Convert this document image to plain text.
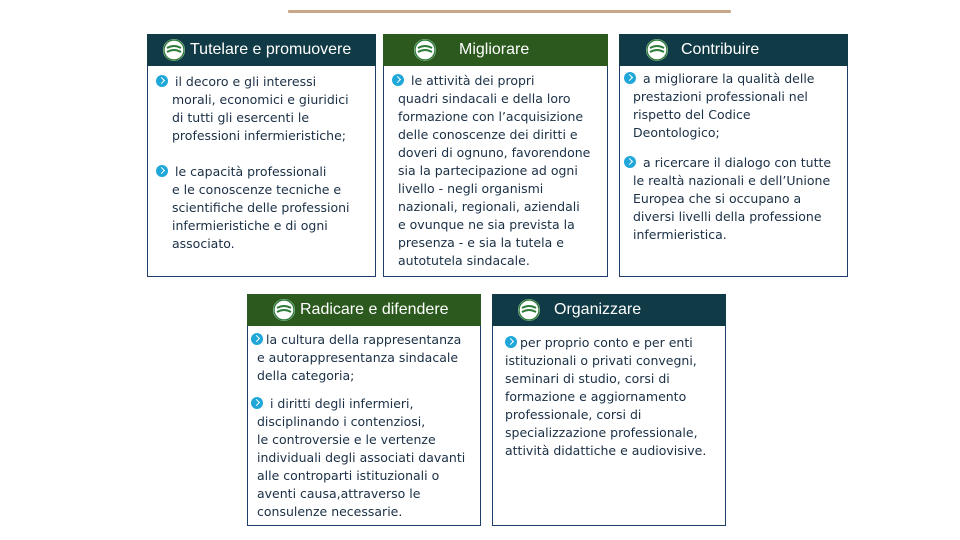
Tutelare e promuovere
il decoro e gli interessi
morali, economici e giuridici
di tutti gli esercenti le
professioni infermieristiche;
le capacità professionali
e le conoscenze tecniche e
scientifiche delle professioni
infermieristiche e di ogni
associato.
Migliorare
le attività dei propri
quadri sindacali e della loro
formazione con l’acquisizione
delle conoscenze dei diritti e
doveri di ognuno, favorendone
sia la partecipazione ad ogni
livello - negli organismi
nazionali, regionali, aziendali
e ovunque ne sia prevista la
presenza - e sia la tutela e
autotutela sindacale.
Contribuire
a migliorare la qualità delle
prestazioni professionali nel
rispetto del Codice
Deontologico;
a ricercare il dialogo con tutte
le realtà nazionali e dell’Unione
Europea che si occupano a
diversi livelli della professione
infermieristica.
Radicare e difendere
la cultura della rappresentanza
e autorappresentanza sindacale
della categoria;
i diritti degli infermieri,
disciplinando i contenziosi,
le controversie e le vertenze
individuali degli associati davanti
alle controparti istituzionali o
aventi causa,attraverso le
consulenze necessarie.
Organizzare
per proprio conto e per enti
istituzionali o privati convegni,
seminari di studio, corsi di
formazione e aggiornamento
professionale, corsi di
specializzazione professionale,
attività didattiche e audiovisive.
